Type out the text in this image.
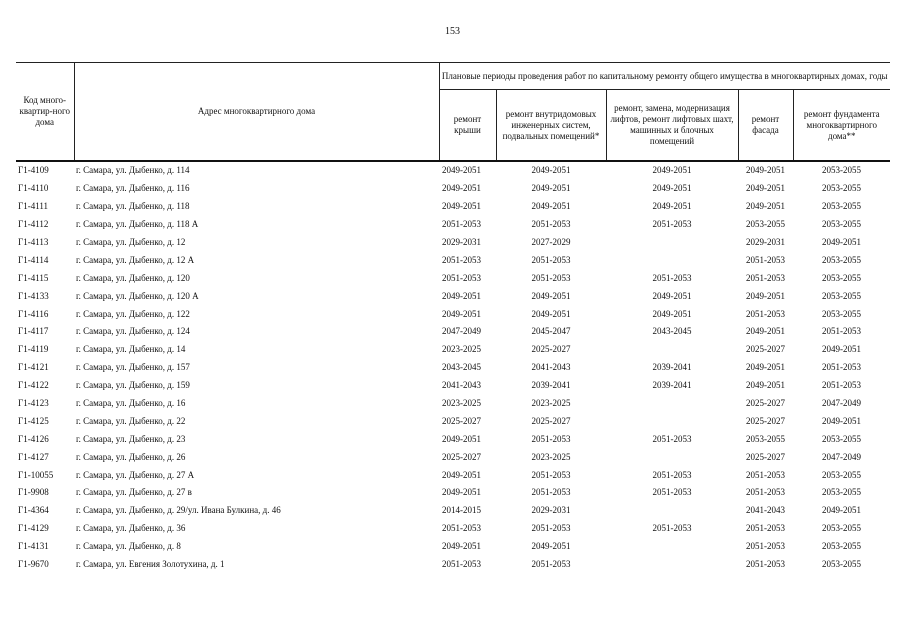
153
Код много-квартир-ного дома	Адрес многоквартирного дома	Плановые периоды проведения работ по капитальному ремонту общего имущества в многоквартирных домах, годы				
		ремонт крыши	ремонт внутридомовых инженерных систем, подвальных помещений*	ремонт, замена, модернизация лифтов, ремонт лифтовых шахт, машинных и блочных помещений	ремонт фасада	ремонт фундамента многоквартирного дома**
Г1-4109	г. Самара, ул. Дыбенко, д. 114	2049-2051	2049-2051	2049-2051	2049-2051	2053-2055
Г1-4110	г. Самара, ул. Дыбенко, д. 116	2049-2051	2049-2051	2049-2051	2049-2051	2053-2055
Г1-4111	г. Самара, ул. Дыбенко, д. 118	2049-2051	2049-2051	2049-2051	2049-2051	2053-2055
Г1-4112	г. Самара, ул. Дыбенко, д. 118 А	2051-2053	2051-2053	2051-2053	2053-2055	2053-2055
Г1-4113	г. Самара, ул. Дыбенко, д. 12	2029-2031	2027-2029		2029-2031	2049-2051
Г1-4114	г. Самара, ул. Дыбенко, д. 12 А	2051-2053	2051-2053		2051-2053	2053-2055
Г1-4115	г. Самара, ул. Дыбенко, д. 120	2051-2053	2051-2053	2051-2053	2051-2053	2053-2055
Г1-4133	г. Самара, ул. Дыбенко, д. 120 А	2049-2051	2049-2051	2049-2051	2049-2051	2053-2055
Г1-4116	г. Самара, ул. Дыбенко, д. 122	2049-2051	2049-2051	2049-2051	2051-2053	2053-2055
Г1-4117	г. Самара, ул. Дыбенко, д. 124	2047-2049	2045-2047	2043-2045	2049-2051	2051-2053
Г1-4119	г. Самара, ул. Дыбенко, д. 14	2023-2025	2025-2027		2025-2027	2049-2051
Г1-4121	г. Самара, ул. Дыбенко, д. 157	2043-2045	2041-2043	2039-2041	2049-2051	2051-2053
Г1-4122	г. Самара, ул. Дыбенко, д. 159	2041-2043	2039-2041	2039-2041	2049-2051	2051-2053
Г1-4123	г. Самара, ул. Дыбенко, д. 16	2023-2025	2023-2025		2025-2027	2047-2049
Г1-4125	г. Самара, ул. Дыбенко, д. 22	2025-2027	2025-2027		2025-2027	2049-2051
Г1-4126	г. Самара, ул. Дыбенко, д. 23	2049-2051	2051-2053	2051-2053	2053-2055	2053-2055
Г1-4127	г. Самара, ул. Дыбенко, д. 26	2025-2027	2023-2025		2025-2027	2047-2049
Г1-10055	г. Самара, ул. Дыбенко, д. 27 А	2049-2051	2051-2053	2051-2053	2051-2053	2053-2055
Г1-9908	г. Самара, ул. Дыбенко, д. 27 в	2049-2051	2051-2053	2051-2053	2051-2053	2053-2055
Г1-4364	г. Самара, ул. Дыбенко, д. 29/ул. Ивана Булкина, д. 46	2014-2015	2029-2031		2041-2043	2049-2051
Г1-4129	г. Самара, ул. Дыбенко, д. 36	2051-2053	2051-2053	2051-2053	2051-2053	2053-2055
Г1-4131	г. Самара, ул. Дыбенко, д. 8	2049-2051	2049-2051		2051-2053	2053-2055
Г1-9670	г. Самара, ул. Евгения Золотухина, д. 1	2051-2053	2051-2053		2051-2053	2053-2055
